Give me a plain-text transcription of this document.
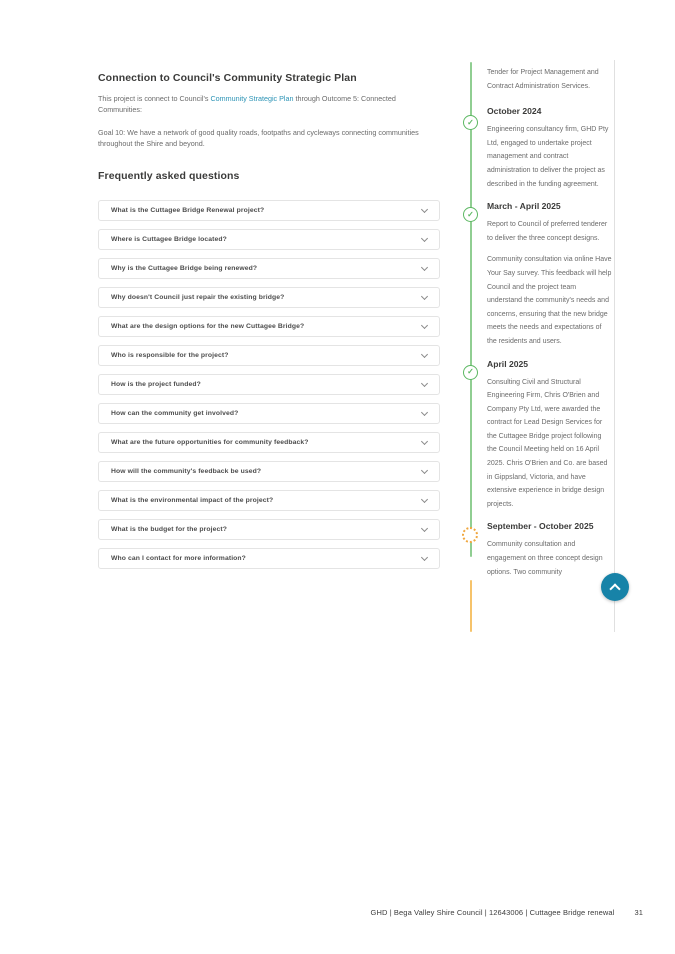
Connection to Council's Community Strategic Plan

This project is connect to Council's Community Strategic Plan through Outcome 5: Connected Communities:

Goal 10: We have a network of good quality roads, footpaths and cycleways connecting communities throughout the Shire and beyond.

Frequently asked questions
What is the Cuttagee Bridge Renewal project?
Where is Cuttagee Bridge located?
Why is the Cuttagee Bridge being renewed?
Why doesn't Council just repair the existing bridge?
What are the design options for the new Cuttagee Bridge?
Who is responsible for the project?
How is the project funded?
How can the community get involved?
What are the future opportunities for community feedback?
How will the community's feedback be used?
What is the environmental impact of the project?
What is the budget for the project?
Who can I contact for more information?

Tender for Project Management and Contract Administration Services.

✓
October 2024

Engineering consultancy firm, GHD Pty Ltd, engaged to undertake project management and contract administration to deliver the project as described in the funding agreement.

✓
March - April 2025

Report to Council of preferred tenderer to deliver the three concept designs.

Community consultation via online Have Your Say survey. This feedback will help Council and the project team understand the community's needs and concerns, ensuring that the new bridge meets the needs and expectations of the residents and users.

✓
April 2025

Consulting Civil and Structural Engineering Firm, Chris O'Brien and Company Pty Ltd, were awarded the contract for Lead Design Services for the Cuttagee Bridge project following the Council Meeting held on 16 April 2025. Chris O'Brien and Co. are based in Gippsland, Victoria, and have extensive experience in bridge design projects.

September - October 2025

Community consultation and engagement on three concept design options. Two community

GHD | Bega Valley Shire Council | 12643006 | Cuttagee Bridge renewal	31
